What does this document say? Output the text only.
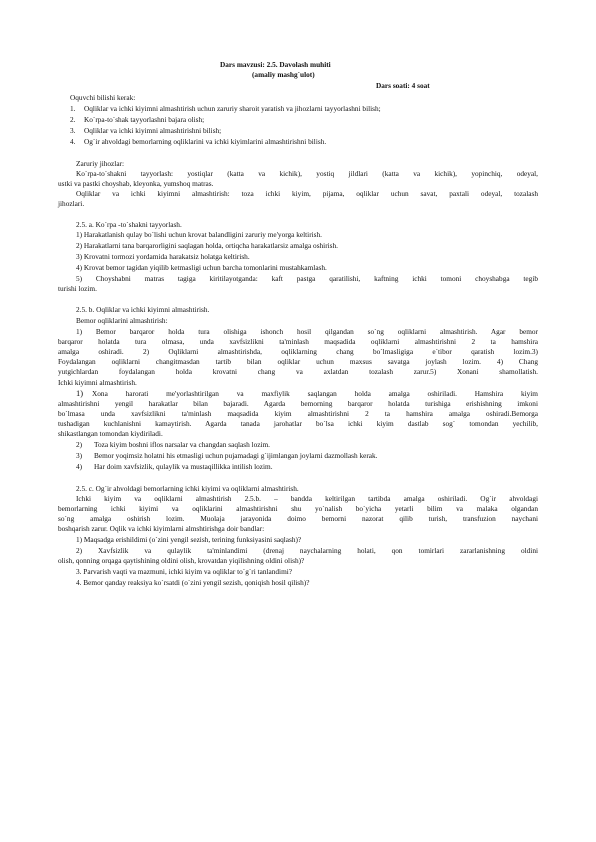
Dars mavzusi: 2.5. Davolash muhiti
(amaliy mashg`ulot)
Dars soati: 4 soat
Oquvchi bilishi kerak:
1. Oqliklar va ichki kiyimni almashtirish uchun zaruriy sharoit yaratish va jihozlarni tayyorlashni bilish;
2. Ko`rpa-to`shak tayyorlashni bajara olish;
3. Oqliklar va ichki kiyimni almashtirishni bilish;
4. Og`ir ahvoldagi bemorlarning oqliklarini va ichki kiyimlarini almashtirishni bilish.
Zaruriy jihozlar:
Ko`rpa-to`shakni tayyorlash: yostiqlar (katta va kichik), yostiq jildlari (katta va kichik), yopinchiq, odeyal,
ustki va pastki choyshab, kleyonka, yumshoq matras.
Oqliklar va ichki kiyimni almashtirish: toza ichki kiyim, pijama, oqliklar uchun savat, paxtali odeyal, tozalash
jihozlari.
2.5. a. Ko`rpa -to`shakni tayyorlash.
1) Harakatlanish qulay bo`lishi uchun krovat balandligini zaruriy me'yorga keltirish.
2) Harakatlarni tana barqarorligini saqlagan holda, ortiqcha harakatlarsiz amalga oshirish.
3) Krovatni tormozi yordamida harakatsiz holatga keltirish.
4) Krovat bemor tagidan yiqilib ketmasligi uchun barcha tomonlarini mustahkamlash.
5) Choyshabni matras tagiga kiritilayotganda: kaft pastga qaratilishi, kaftning ichki tomoni choyshabga tegib
turishi lozim.
2.5. b. Oqliklar va ichki kiyimni almashtirish.
Bemor oqliklarini almashtirish:
1) Bemor barqaror holda tura olishiga ishonch hosil qilgandan so`ng oqliklarni almashtirish. Agar bemor
barqaror holatda tura olmasa, unda xavfsizlikni ta'minlash maqsadida oqliklarni almashtirishni 2 ta hamshira
amalga oshiradi. 2) Oqliklarni almashtirishda, oqliklarning chang bo`lmasligiga e`tibor qaratish lozim.3)
Foydalangan oqliklarni changitmasdan tartib bilan oqliklar uchun maxsus savatga joylash lozim. 4) Chang
yutgichlardan foydalangan holda krovatni chang va axlatdan tozalash zarur.5) Xonani shamollatish.
Ichki kiyimni almashtirish.
1) Xona harorati me'yorlashtirilgan va maxfiylik saqlangan holda amalga oshiriladi. Hamshira kiyim
almashtirishni yengil harakatlar bilan bajaradi. Agarda bemorning barqaror holatda turishiga erishishning imkoni
bo`lmasa unda xavfsizlikni ta'minlash maqsadida kiyim almashtirishni 2 ta hamshira amalga oshiradi.Bemorga
tushadigan kuchlanishni kamaytirish. Agarda tanada jarohatlar bo`lsa ichki kiyim dastlab sog` tomondan yechilib,
shikastlangan tomondan kiydiriladi.
2) Toza kiyim boshni iflos narsalar va changdan saqlash lozim.
3) Bemor yoqimsiz holatni his etmasligi uchun pujamadagi g`ijimlangan joylarni dazmollash kerak.
4) Har doim xavfsizlik, qulaylik va mustaqillikka intilish lozim.
2.5. c. Og`ir ahvoldagi bemorlarning ichki kiyimi va oqliklarni almashtirish.
Ichki kiyim va oqliklarni almashtirish 2.5.b. – bandda keltirilgan tartibda amalga oshiriladi. Og`ir ahvoldagi
bemorlarning ichki kiyimi va oqliklarini almashtirishni shu yo`nalish bo`yicha yetarli bilim va malaka olgandan
so`ng amalga oshirish lozim. Muolaja jarayonida doimo bemorni nazorat qilib turish, transfuzion naychani
boshqarish zarur. Oqlik va ichki kiyimlarni almshtirishga doir bandlar:
1) Maqsadga erishildimi (o`zini yengil sezish, terining funksiyasini saqlash)?
2) Xavfsizlik va qulaylik ta'minlandimi (drenaj naychalarning holati, qon tomirlari zararlanishning oldini
olish, qonning orqaga qaytishining oldini olish, krovatdan yiqilishning oldini olish)?
3. Parvarish vaqti va mazmuni, ichki kiyim va oqliklar to`g`ri tanlandimi?
4. Bemor qanday reaksiya ko`rsatdi (o`zini yengil sezish, qoniqish hosil qilish)?
